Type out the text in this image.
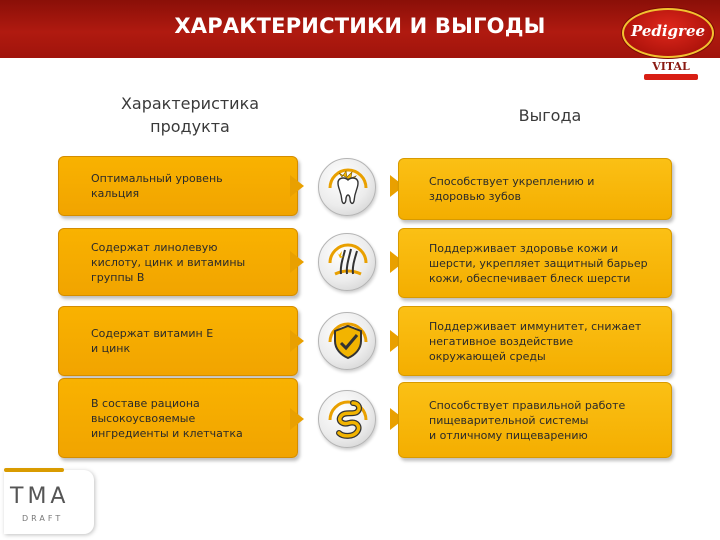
ХАРАКТЕРИСТИКИ И ВЫГОДЫ	Pedigree
VITAL
Характеристика
продукта
Выгода
Оптимальный уровень
кальция
Способствует укреплению и
здоровью зубов
Содержат линолевую
кислоту, цинк и витамины
группы В
Поддерживает здоровье кожи и
шерсти, укрепляет защитный барьер
кожи, обеспечивает блеск шерсти
Содержат витамин Е
и цинк
Поддерживает иммунитет, снижает
негативное воздействие
окружающей среды
В составе рациона
высокоусвояемые
ингредиенты и клетчатка
Способствует правильной работе
пищеварительной системы
и отличному пищеварению
TMA
DRAFT
